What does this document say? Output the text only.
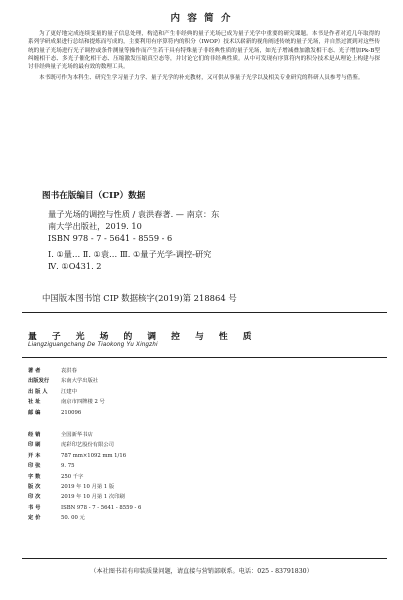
内 容 简 介

为了更好地完成连续变量的量子信息处理，构造和产生非经典的量子光场已成为量子光学中重要的研究课题。本书是作者对近几年取得的系列学研成果进行总结和提炼而写成的，主要利用有序算符内的积分（IWOP）技术以崭新的视角阐述传统的量子光场，并自然过渡到对这些传统的量子光场进行光子调控或条件测量等操作而产生若干具有特殊量子非经典性质的量子光场，如光子增减叠加激发相干态、光子增加Pk‑B型纠缠相干态、多光子催化相干态、压缩激发压缩真空态等，并讨论它们的非经典性质。从中可发现有序算符内的积分技术是从理论上构建与探讨非经典量子光场的最有效的数理工具。

本书既可作为本科生、研究生学习量子力学、量子光学的补充教材，又可供从事量子光学以及相关专业研究的科研人员参考与借鉴。

图书在版编目（CIP）数据
量子光场的调控与性质 / 袁洪春著. — 南京：东
南大学出版社，2019. 10
ISBN 978 - 7 - 5641 - 8559 - 6
Ⅰ. ①量… Ⅱ. ①袁… Ⅲ. ①量子光学-调控-研究
Ⅳ. ①O431. 2
中国版本图书馆 CIP 数据核字(2019)第 218864 号
量 子 光 场 的 调 控 与 性 质
Liangziguangchang De Tiaokong Yu Xingzhi
著 者	袁洪春
出版发行	东南大学出版社
出 版 人	江建中
社 址	南京市四牌楼 2 号
邮 编	210096
经 销	全国新华书店
印 刷	虎彩印艺股份有限公司
开 本	787 mm×1092 mm 1/16
印 张	9. 75
字 数	250 千字
版 次	2019 年 10 月第 1 版
印 次	2019 年 10 月第 1 次印刷
书 号	ISBN 978 - 7 - 5641 - 8559 - 6
定 价	50. 00 元
（本社图书若有印装质量问题，请直接与营销部联系。电话：025 - 83791830）
